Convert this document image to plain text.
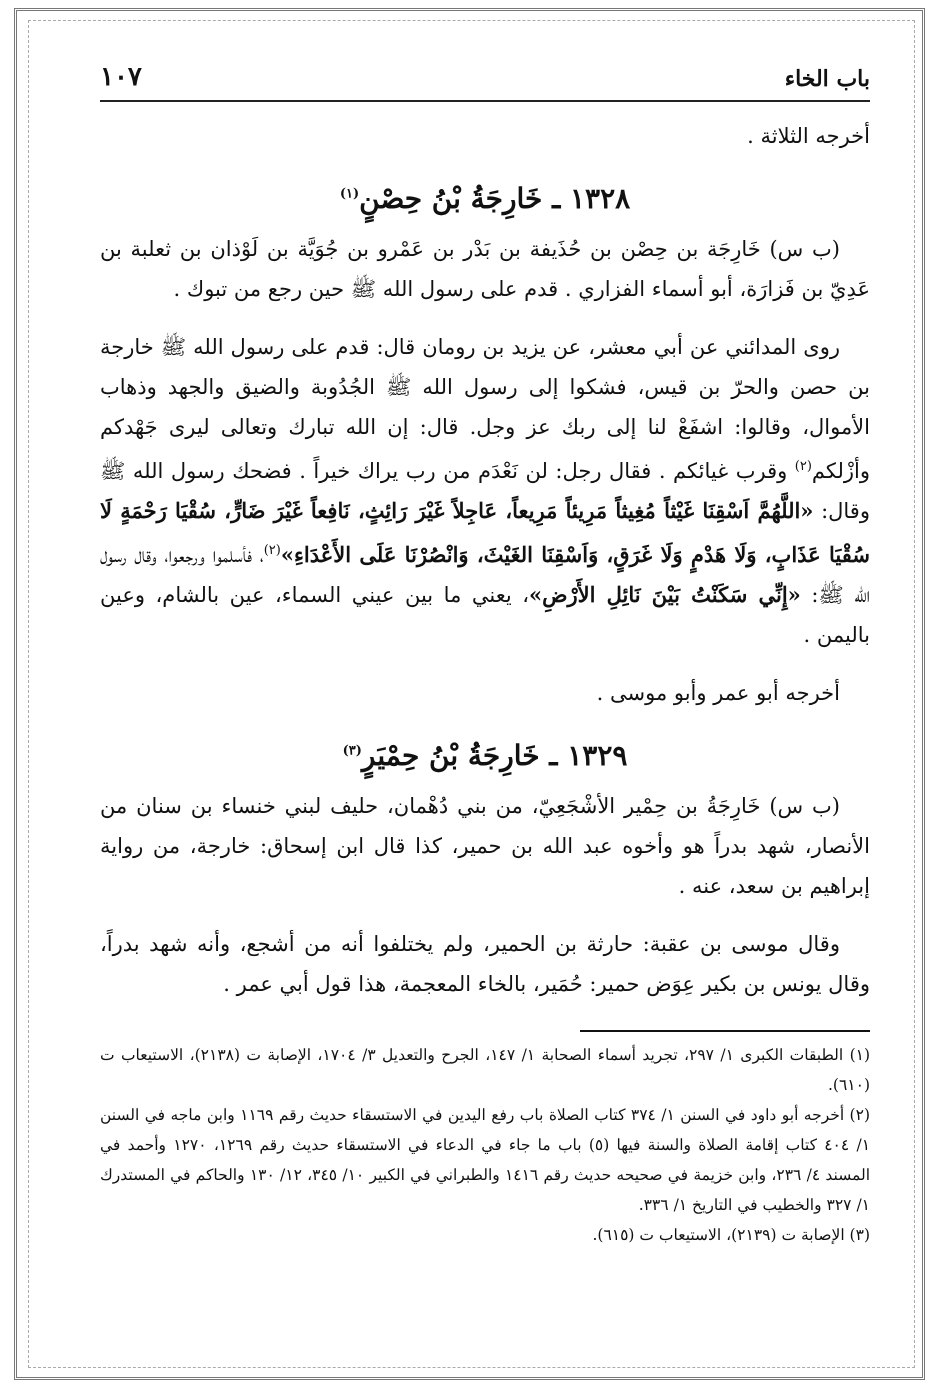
باب الخاء
١٠٧

أخرجه الثلاثة .

١٣٢٨ ـ خَارِجَةُ بْنُ حِصْنٍ$^{(١)}$

(ب س) خَارِجَة بن حِصْن بن حُذَيفة بن بَدْر بن عَمْرو بن جُوَيَّة بن لَوْذان بن ثعلبة بن عَدِيّ بن فَزارَة، أبو أسماء الفزاري . قدم على رسول الله ﷺ حين رجع من تبوك .

روى المدائني عن أبي معشر، عن يزيد بن رومان قال: قدم على رسول الله ﷺ خارجة بن حصن والحرّ بن قيس، فشكوا إلى رسول الله ﷺ الجُدُوبة والضيق والجهد وذهاب الأموال، وقالوا: اشفَعْ لنا إلى ربك عز وجل. قال: إن الله تبارك وتعالى ليرى جَهْدكم وأزْلكم$^{(٢)}$ وقرب غيائكم . فقال رجل: لن نَعْدَم من رب يراك خيراً . فضحك رسول الله ﷺ وقال: «اللَّهُمَّ اَسْقِنَا غَيْثاً مُغِيثاً مَرِيئاً مَرِيعاً، عَاجِلاً غَيْرَ رَائِثٍ، نَافِعاً غَيْرَ ضَارٍّ، سُقْيَا رَحْمَةٍ لَا سُقْيَا عَذَابٍ، وَلَا هَدْمٍ وَلَا غَرَقٍ، وَاَسْقِنَا الغَيْثَ، وَانْصُرْنَا عَلَى الأَعْدَاءِ»$^{(٢)}$، فأسلموا ورجعوا، وقال رسول الله ﷺ: «إِنِّي سَكَنْتُ بَيْنَ نَائِلِ الأَرْضِ»، يعني ما بين عيني السماء، عين بالشام، وعين باليمن .

أخرجه أبو عمر وأبو موسى .

١٣٢٩ ـ خَارِجَةُ بْنُ حِمْيَرٍ$^{(٣)}$

(ب س) خَارِجَةُ بن حِمْير الأشْجَعِيّ، من بني دُهْمان، حليف لبني خنساء بن سنان من الأنصار، شهد بدراً هو وأخوه عبد الله بن حمير، كذا قال ابن إسحاق: خارجة، من رواية إبراهيم بن سعد، عنه .

وقال موسى بن عقبة: حارثة بن الحمير، ولم يختلفوا أنه من أشجع، وأنه شهد بدراً، وقال يونس بن بكير عِوَض حمير: حُمَير، بالخاء المعجمة، هذا قول أبي عمر .

(١) الطبقات الكبرى ١/ ٢٩٧، تجريد أسماء الصحابة ١/ ١٤٧، الجرح والتعديل ٣/ ١٧٠٤، الإصابة ت (٢١٣٨)، الاستيعاب ت (٦١٠).

(٢) أخرجه أبو داود في السنن ١/ ٣٧٤ كتاب الصلاة باب رفع اليدين في الاستسقاء حديث رقم ١١٦٩ وابن ماجه في السنن ١/ ٤٠٤ كتاب إقامة الصلاة والسنة فيها (٥) باب ما جاء في الدعاء في الاستسقاء حديث رقم ١٢٦٩، ١٢٧٠ وأحمد في المسند ٤/ ٢٣٦، وابن خزيمة في صحيحه حديث رقم ١٤١٦ والطبراني في الكبير ١٠/ ٣٤٥، ١٢/ ١٣٠ والحاكم في المستدرك ١/ ٣٢٧ والخطيب في التاريخ ١/ ٣٣٦.

(٣) الإصابة ت (٢١٣٩)، الاستيعاب ت (٦١٥).
